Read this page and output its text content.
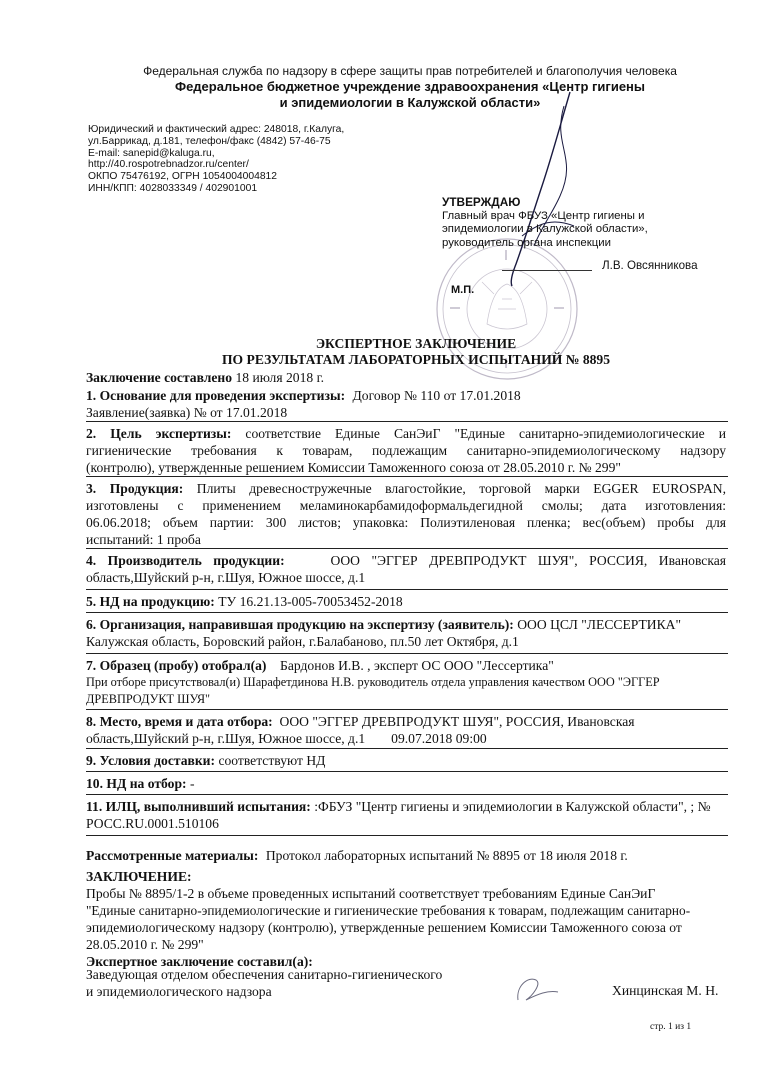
Федеральная служба по надзору в сфере защиты прав потребителей и благополучия человека
Федеральное бюджетное учреждение здравоохранения «Центр гигиены
и эпидемиологии в Калужской области»
Юридический и фактический адрес: 248018, г.Калуга,
ул.Баррикад, д.181, телефон/факс (4842) 57-46-75
E-mail: sanepid@kaluga.ru,
http://40.rospotrebnadzor.ru/center/
ОКПО 75476192, ОГРН 1054004004812
ИНН/КПП: 4028033349 / 402901001
УТВЕРЖДАЮ
Главный врач ФБУЗ «Центр гигиены и
эпидемиологии в Калужской области»,
руководитель органа инспекции
Л.В. Овсянникова
М.П.
ЭКСПЕРТНОЕ ЗАКЛЮЧЕНИЕ
ПО РЕЗУЛЬТАТАМ ЛАБОРАТОРНЫХ ИСПЫТАНИЙ № 8895
Заключение составлено 18 июля 2018 г.
1. Основание для проведения экспертизы: Договор № 110 от 17.01.2018
Заявление(заявка) № от 17.01.2018
2. Цель экспертизы: соответствие Единые СанЭиГ "Единые санитарно-эпидемиологические и
гигиенические требования к товарам, подлежащим санитарно-эпидемиологическому надзору
(контролю), утвержденные решением Комиссии Таможенного союза от 28.05.2010 г. № 299"
3. Продукция: Плиты древесностружечные влагостойкие, торговой марки EGGER EUROSPAN,
изготовлены с применением меламинокарбамидоформальдегидной смолы; дата изготовления:
06.06.2018; объем партии: 300 листов; упаковка: Полиэтиленовая пленка; вес(объем) пробы для
испытаний: 1 проба
4. Производитель продукции:	ООО "ЭГГЕР ДРЕВПРОДУКТ ШУЯ", РОССИЯ, Ивановская
область,Шуйский р-н, г.Шуя, Южное шоссе, д.1
5. НД на продукцию: ТУ 16.21.13-005-70053452-2018
6. Организация, направившая продукцию на экспертизу (заявитель): ООО ЦСЛ "ЛЕССЕРТИКА"
Калужская область, Боровский район, г.Балабаново, пл.50 лет Октября, д.1
7. Образец (пробу) отобрал(а) Бардонов И.В. , эксперт ОС ООО "Лессертика"
При отборе присутствовал(и) Шарафетдинова Н.В. руководитель отдела управления качеством ООО "ЭГГЕР
ДРЕВПРОДУКТ ШУЯ"
8. Место, время и дата отбора: ООО "ЭГГЕР ДРЕВПРОДУКТ ШУЯ", РОССИЯ, Ивановская
область,Шуйский р-н, г.Шуя, Южное шоссе, д.1 09.07.2018 09:00
9. Условия доставки: соответствуют НД
10. НД на отбор: -
11. ИЛЦ, выполнивший испытания: :ФБУЗ "Центр гигиены и эпидемиологии в Калужской области", ; №
РОСС.RU.0001.510106
Рассмотренные материалы: Протокол лабораторных испытаний № 8895 от 18 июля 2018 г.
ЗАКЛЮЧЕНИЕ:
Пробы № 8895/1-2 в объеме проведенных испытаний соответствует требованиям Единые СанЭиГ
"Единые санитарно-эпидемиологические и гигиенические требования к товарам, подлежащим санитарно-
эпидемиологическому надзору (контролю), утвержденные решением Комиссии Таможенного союза от
28.05.2010 г. № 299"
Экспертное заключение составил(а):
Заведующая отделом обеспечения санитарно-гигиенического
и эпидемиологического надзора	Хинцинская М. Н.
стр. 1 из 1
